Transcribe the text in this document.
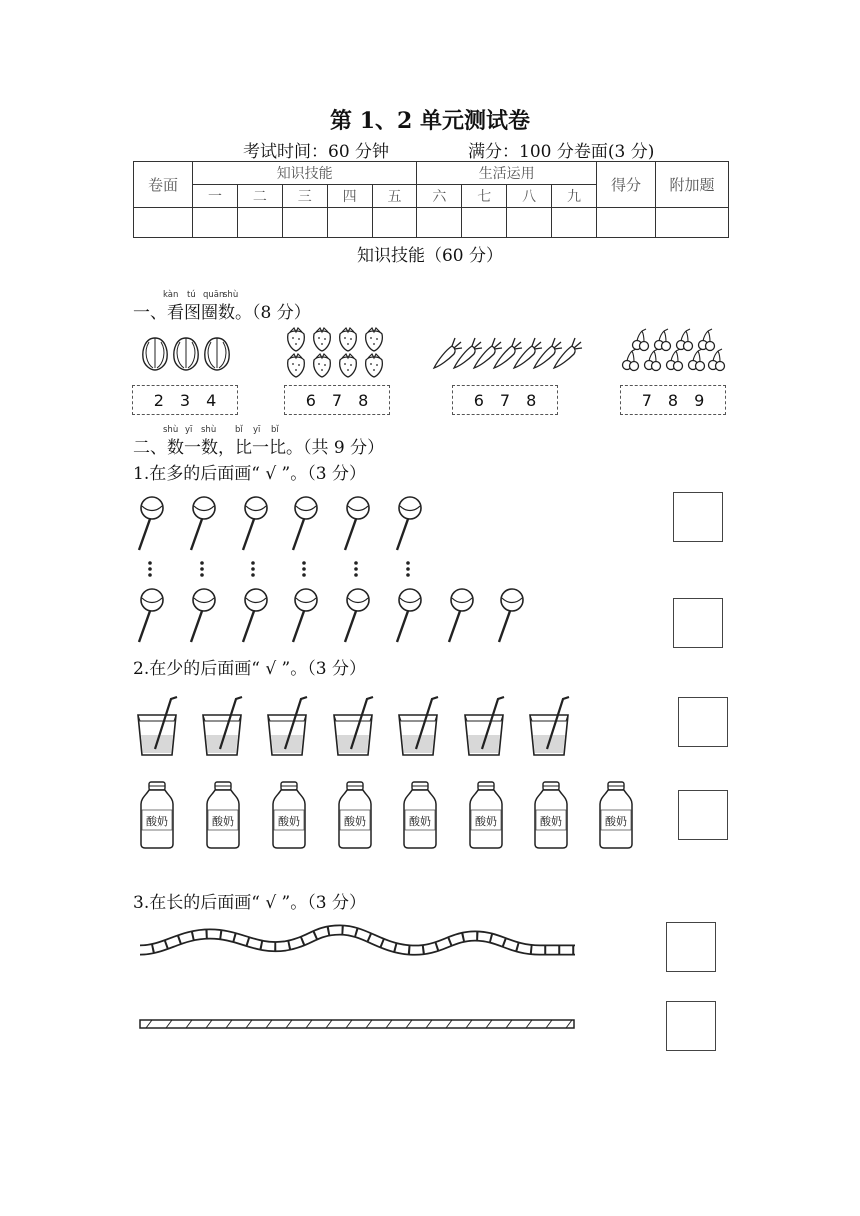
第 1、2 单元测试卷
考试时间：60 分钟	满分：100 分卷面(3 分)
卷面	知识技能					生活运用				得分	附加题
	一	二	三	四	五	六	七	八	九		

知识技能（60 分）
kàn tú quān
shù
一、看图圈数。（8 分）
2 3 4	6 7 8	6 7 8	7 8 9
shù yī shù bǐ yī bǐ
二、数一数，比一比。（共 9 分）
1.在多的后面画“ √ ”。（3 分）
2.在少的后面画“ √ ”。（3 分）
酸奶	酸奶	酸奶	酸奶	酸奶	酸奶	酸奶	酸奶
3.在长的后面画“ √ ”。（3 分）
